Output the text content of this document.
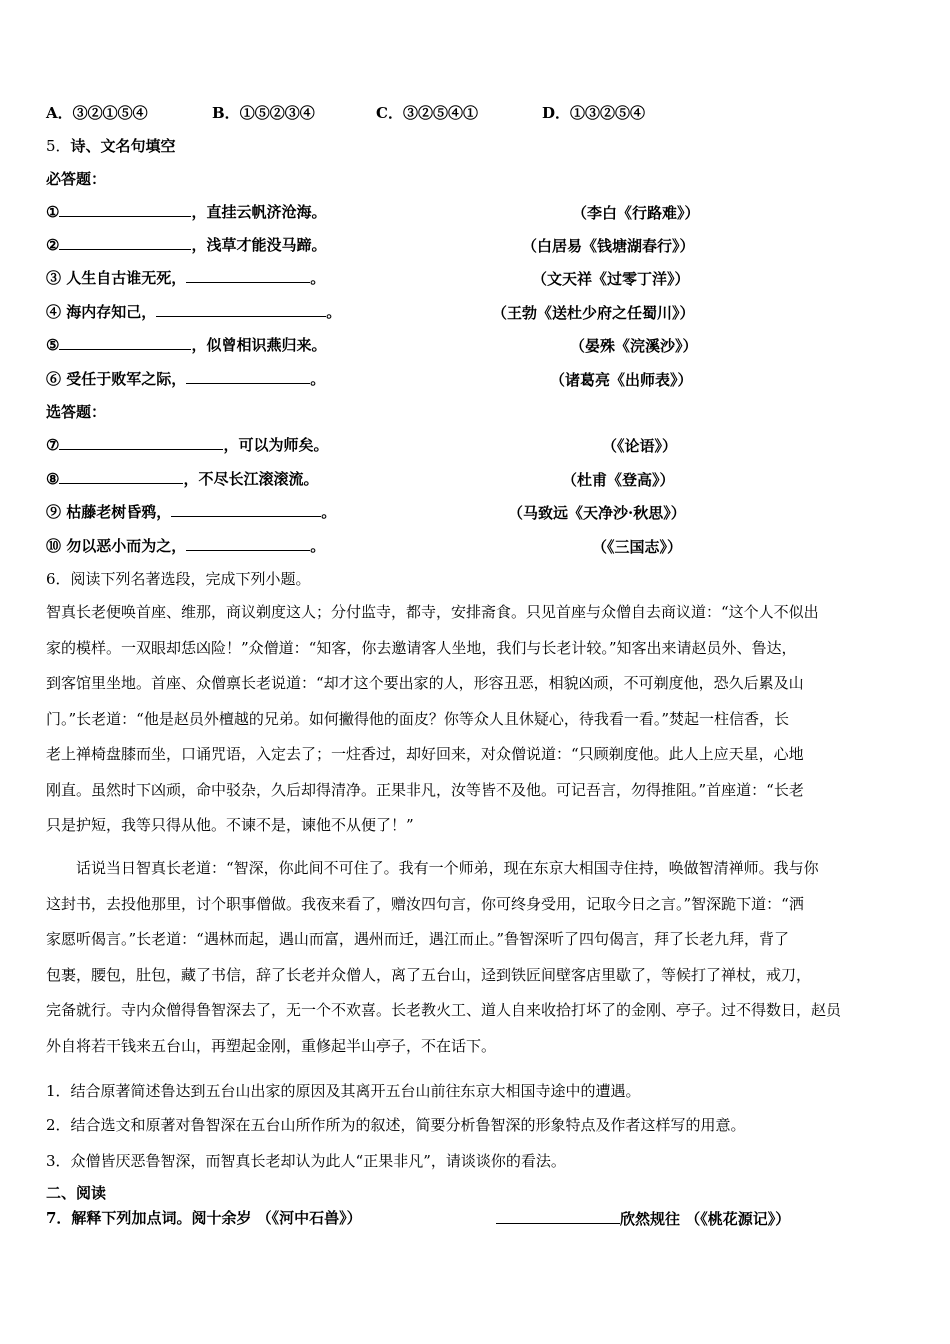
A．③②①⑤④	B．①⑤②③④	C．③②⑤④①	D．①③②⑤④
5．诗、文名句填空
必答题：
①	，直挂云帆济沧海。	（李白《行路难》）
②	，浅草才能没马蹄。	（白居易《钱塘湖春行》）
③ 人生自古谁无死，	。	（文天祥《过零丁洋》）
④ 海内存知己，	。	（王勃《送杜少府之任蜀川》）
⑤	，似曾相识燕归来。	（晏殊《浣溪沙》）
⑥ 受任于败军之际，	。	（诸葛亮《出师表》）
选答题：
⑦	，可以为师矣。	（《论语》）
⑧	，不尽长江滚滚流。	（杜甫《登高》）
⑨ 枯藤老树昏鸦，	。	（马致远《天净沙·秋思》）
⑩ 勿以恶小而为之，	。	（《三国志》）
6．阅读下列名著选段，完成下列小题。
智真长老便唤首座、维那，商议剃度这人；分付监寺，都寺，安排斋食。只见首座与众僧自去商议道：“这个人不似出
家的模样。一双眼却恁凶险！”众僧道：“知客，你去邀请客人坐地，我们与长老计较。”知客出来请赵员外、鲁达，
到客馆里坐地。首座、众僧禀长老说道：“却才这个要出家的人，形容丑恶，相貌凶顽，不可剃度他，恐久后累及山
门。”长老道：“他是赵员外檀越的兄弟。如何撇得他的面皮？你等众人且休疑心，待我看一看。”焚起一柱信香，长
老上禅椅盘膝而坐，口诵咒语，入定去了；一炷香过，却好回来，对众僧说道：“只顾剃度他。此人上应天星，心地
刚直。虽然时下凶顽，命中驳杂，久后却得清净。正果非凡，汝等皆不及他。可记吾言，勿得推阻。”首座道：“长老
只是护短，我等只得从他。不谏不是，谏他不从便了！”
话说当日智真长老道：“智深，你此间不可住了。我有一个师弟，现在东京大相国寺住持，唤做智清禅师。我与你
这封书，去投他那里，讨个职事僧做。我夜来看了，赠汝四句言，你可终身受用，记取今日之言。”智深跪下道：“洒
家愿听偈言。”长老道：“遇林而起，遇山而富，遇州而迁，遇江而止。”鲁智深听了四句偈言，拜了长老九拜，背了
包裹，腰包，肚包，藏了书信，辞了长老并众僧人，离了五台山，迳到铁匠间壁客店里歇了，等候打了禅杖，戒刀，
完备就行。寺内众僧得鲁智深去了，无一个不欢喜。长老教火工、道人自来收拾打坏了的金刚、亭子。过不得数日，赵员
外自将若干钱来五台山，再塑起金刚，重修起半山亭子，不在话下。
1．结合原著简述鲁达到五台山出家的原因及其离开五台山前往东京大相国寺途中的遭遇。
2．结合选文和原著对鲁智深在五台山所作所为的叙述，简要分析鲁智深的形象特点及作者这样写的用意。
3．众僧皆厌恶鲁智深，而智真长老却认为此人“正果非凡”，请谈谈你的看法。
二、阅读
7．解释下列加点词。阅十余岁 （《河中石兽》）	欣然规往 （《桃花源记》）
